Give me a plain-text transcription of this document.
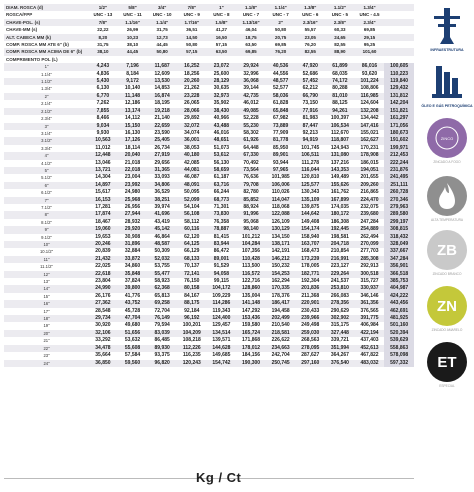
DIAM. ROSCA (d)	1/2"	5/8"	3/4"	7/8"	1"	1.1/8"	1.1/4"	1.3/8"	1.1/2"	1.3/4"	
ROSCA/FPP	UNC - 13	UNC - 11	UNC - 10	UNC - 9	UNC - 8	UNC - 7	UNC - 7	UNC - 6	UNC - 5	UNC - 4.5	
CHAVE-POL. (s)	7/8"	1.1/16"	1.1/4"	1.7/16"	1.5/8"	1.13/16"	2"	2.3/16"	2.3/8"	2.3/4"	
CHAVE-MM (s)	22,22	26,99	31,75	36,51	41,27	46,04	50,80	55,57	60,33	69,85	
ALT. CABECA MM (k)	8,20	10,23	12,73	14,50	16,50	18,75	20,75	23,05	24,65	29,15	
COMP. ROSCA MM ATE 6" (b)	31,75	38,10	44,45	50,80	57,15	63,50	69,85	76,20	82,55	95,25	
COMP. ROSCA MM ACIMA DE 6" (b)	38,10	44,45	50,80	57,15	63,50	69,85	76,20	82,55	88,90	101,60	
COMPRIMENTO POL (L)											
1"	4,243	7,196	11,687	16,252	23,072	29,924	40,536	47,920	61,899	86,016	100,605
1.1/4"	4,836	8,184	12,609	18,256	25,600	32,996	44,556	52,686	68,035	93,620	110,223
1.1/2"	5,430	9,172	13,530	20,260	28,129	36,068	48,577	57,452	74,172	101,224	119,840
1.3/4"	6,130	10,140	14,853	21,262	30,635	39,144	52,577	62,212	80,288	108,806	129,432
2"	6,770	11,148	16,874	23,228	32,973	42,735	58,036	66,790	81,010	116,985	131,812
2.1/4"	7,262	12,186	18,195	26,065	35,902	46,012	61,828	73,150	88,125	124,604	142,204
2.1/2"	7,855	13,174	19,218	28,066	38,430	49,085	65,848	77,916	94,261	132,208	151,821
2.3/4"	8,466	14,112	21,140	29,892	40,966	52,228	67,982	81,983	100,397	134,442	161,297
3"	9,034	15,150	22,659	32,072	43,488	55,230	73,889	87,447	106,534	147,416	171,056
3.1/4"	9,930	16,130	23,590	34,074	46,016	58,302	77,909	92,213	112,670	155,021	180,673
3.1/2"	10,563	17,126	25,405	36,001	48,651	61,926	81,778	94,919	118,807	162,627	191,602
3.3/4"	11,012	18,114	26,734	38,053	51,073	64,448	85,950	101,745	124,943	170,231	199,971
4"	12,448	20,040	27,919	40,180	53,612	67,330	89,901	106,511	131,080	178,908	212,453
4.1/2"	13,046	21,018	29,656	42,085	56,130	70,492	93,944	111,278	137,216	186,015	222,244
5"	13,721	22,018	31,365	44,081	58,659	73,564	97,965	116,044	143,353	194,051	231,876
5.1/2"	14,304	23,004	33,093	46,087	61,187	76,636	101,985	120,810	149,489	201,655	241,495
6"	14,897	23,992	34,806	48,091	63,716	79,708	106,006	125,577	155,626	209,260	251,111
6.1/2"	15,617	24,980	36,529	50,095	66,244	82,780	110,026	130,343	161,762	216,865	260,728
7"	16,153	25,968	38,251	52,099	68,773	85,852	114,047	135,109	167,899	224,470	270,346
7.1/2"	17,281	26,956	39,974	54,104	71,301	88,924	118,068	139,875	174,035	232,075	279,963
8"	17,874	27,944	41,696	56,108	73,830	91,996	122,088	144,642	180,172	239,680	289,580
8.1/2"	18,467	28,932	43,419	58,112	76,358	95,068	126,109	149,408	186,308	247,284	299,197
9"	19,060	29,920	45,142	60,116	78,887	98,140	130,129	154,174	192,445	254,889	308,815
9.1/2"	19,653	30,908	46,864	62,120	81,415	101,212	134,150	158,940	198,581	262,494	318,432
10"	20,246	31,896	48,587	64,125	83,944	104,284	138,171	163,707	204,718	270,099	328,049
10.1/2"	20,839	32,884	50,309	66,129	86,472	107,356	142,191	168,473	210,854	277,703	337,667
11"	21,432	33,872	52,032	68,133	89,001	110,428	146,212	173,239	216,991	285,308	347,284
11.1/2"	22,025	34,860	53,755	70,137	91,529	113,500	150,232	178,005	223,127	292,913	356,901
12"	22,618	35,848	55,477	72,141	94,058	116,572	154,253	182,771	229,264	300,518	366,518
13"	23,804	37,824	58,923	76,150	99,115	122,716	162,294	192,304	241,537	315,727	385,753
14"	24,990	39,800	62,368	80,158	104,172	128,860	170,335	201,836	253,810	330,937	404,987
15"	26,176	41,776	65,813	84,167	109,229	135,004	178,376	211,368	266,083	346,146	424,222
16"	27,362	43,752	69,258	88,175	114,286	141,148	186,417	220,901	278,356	361,356	443,456
17"	28,548	45,728	72,704	92,184	119,343	147,292	194,458	230,433	290,629	376,565	462,691
18"	29,734	47,704	76,149	96,192	124,400	153,436	202,499	239,966	302,902	391,775	481,925
19"	30,920	49,680	79,594	100,201	129,457	159,580	210,540	249,498	315,175	406,984	501,160
20"	32,106	51,656	83,039	104,209	134,514	165,724	218,581	259,030	327,448	422,194	520,394
21"	33,292	53,632	86,485	108,218	139,571	171,868	226,622	268,563	339,721	437,403	539,629
22"	34,478	55,608	89,930	112,226	144,628	178,012	234,663	278,095	351,994	452,613	558,863
23"	35,664	57,584	93,375	116,235	149,685	184,156	242,704	287,627	364,267	467,822	578,098
24"	36,850	59,560	96,820	120,243	154,742	190,300	250,745	297,160	376,540	483,032	597,332
Kg / Ct
INFRAESTRUTURA
ÓLEO E GÁS PETROQUÍMICA
ZINCO
ZINCADO A FOGO
ALTA TEMPERATURA
ZB
ZINCADO BRANCO
ZN
ZINCADO AMARELO
ET
ESPECIAL
